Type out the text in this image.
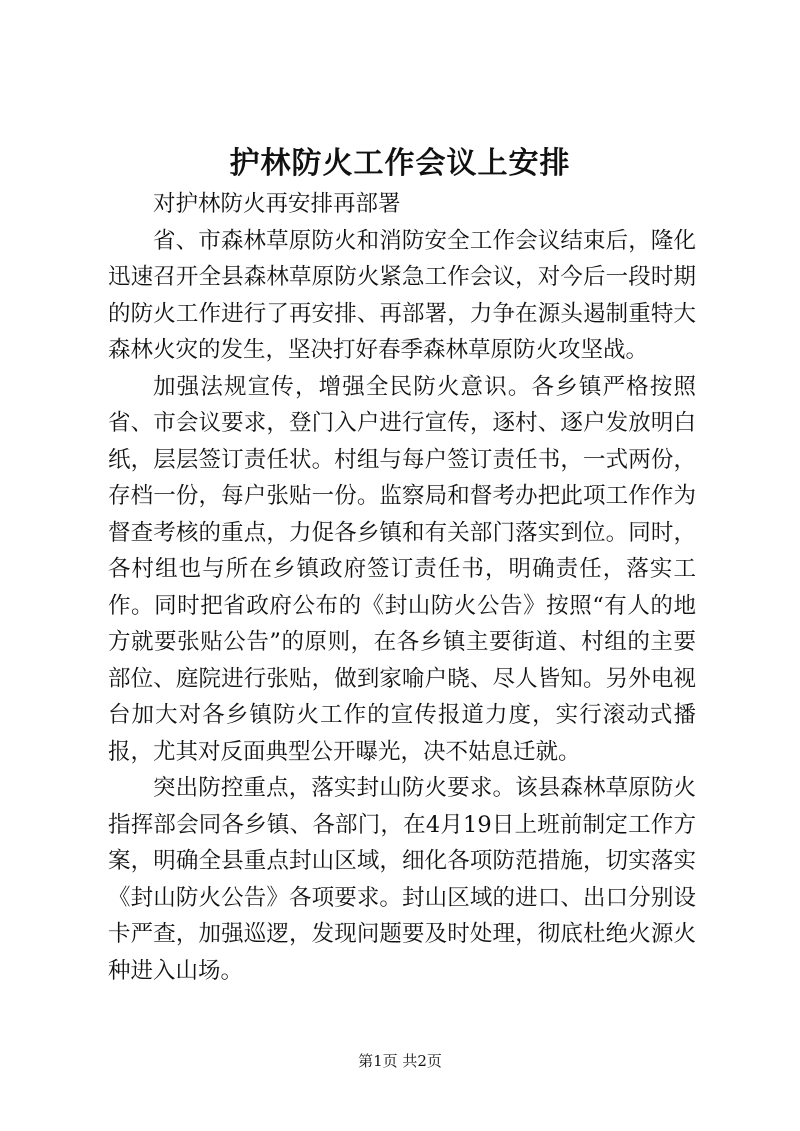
护林防火工作会议上安排

对护林防火再安排再部署

省、市森林草原防火和消防安全工作会议结束后，隆化迅速召开全县森林草原防火紧急工作会议，对今后一段时期的防火工作进行了再安排、再部署，力争在源头遏制重特大森林火灾的发生，坚决打好春季森林草原防火攻坚战。

加强法规宣传，增强全民防火意识。各乡镇严格按照省、市会议要求，登门入户进行宣传，逐村、逐户发放明白纸，层层签订责任状。村组与每户签订责任书，一式两份，存档一份，每户张贴一份。监察局和督考办把此项工作作为督查考核的重点，力促各乡镇和有关部门落实到位。同时，各村组也与所在乡镇政府签订责任书，明确责任，落实工作。同时把省政府公布的《封山防火公告》按照“有人的地方就要张贴公告”的原则，在各乡镇主要街道、村组的主要部位、庭院进行张贴，做到家喻户晓、尽人皆知。另外电视台加大对各乡镇防火工作的宣传报道力度，实行滚动式播报，尤其对反面典型公开曝光，决不姑息迁就。

突出防控重点，落实封山防火要求。该县森林草原防火指挥部会同各乡镇、各部门，在4月19日上班前制定工作方案，明确全县重点封山区域，细化各项防范措施，切实落实《封山防火公告》各项要求。封山区域的进口、出口分别设卡严查，加强巡逻，发现问题要及时处理，彻底杜绝火源火种进入山场。

第1页 共2页
